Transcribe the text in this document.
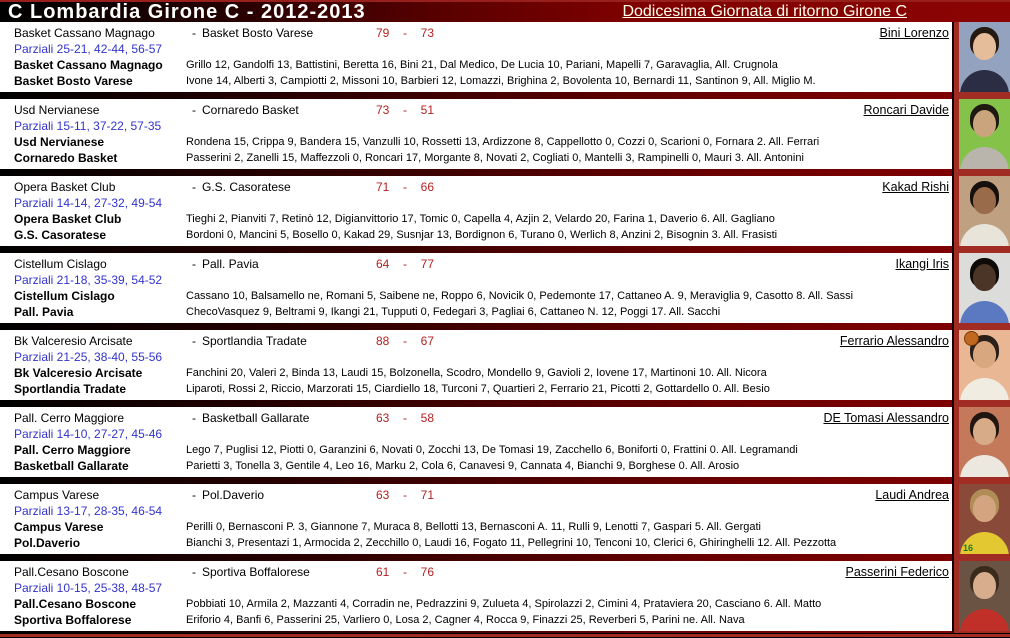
C Lombardia Girone C - 2012-2013	Dodicesima Giornata di ritorno Girone C
Basket Cassano Magnago	- Basket Bosto Varese	79 - 73	Bini Lorenzo
Parziali 25-21, 42-44, 56-57
Basket Cassano Magnago	Grillo 12, Gandolfi 13, Battistini, Beretta 16, Bini 21, Dal Medico, De Lucia 10, Pariani, Mapelli 7, Garavaglia, All. Crugnola
Basket Bosto Varese	Ivone 14, Alberti 3, Campiotti 2, Missoni 10, Barbieri 12, Lomazzi, Brighina 2, Bovolenta 10, Bernardi 11, Santinon 9, All. Miglio M.
Usd Nervianese	- Cornaredo Basket	73 - 51	Roncari Davide
Parziali 15-11, 37-22, 57-35
Usd Nervianese	Rondena 15, Crippa 9, Bandera 15, Vanzulli 10, Rossetti 13, Ardizzone 8, Cappellotto 0, Cozzi 0, Scarioni 0, Fornara 2. All. Ferrari
Cornaredo Basket	Passerini 2, Zanelli 15, Maffezzoli 0, Roncari 17, Morgante 8, Novati 2, Cogliati 0, Mantelli 3, Rampinelli 0, Mauri 3. All. Antonini
Opera Basket Club	- G.S. Casoratese	71 - 66	Kakad Rishi
Parziali 14-14, 27-32, 49-54
Opera Basket Club	Tieghi 2, Pianviti 7, Retinò 12, Digianvittorio 17, Tomic 0, Capella 4, Azjin 2, Velardo 20, Farina 1, Daverio 6. All. Gagliano
G.S. Casoratese	Bordoni 0, Mancini 5, Bosello 0, Kakad 29, Susnjar 13, Bordignon 6, Turano 0, Werlich 8, Anzini 2, Bisognin 3. All. Frasisti
Cistellum Cislago	- Pall. Pavia	64 - 77	Ikangi Iris
Parziali 21-18, 35-39, 54-52
Cistellum Cislago	Cassano 10, Balsamello ne, Romani 5, Saibene ne, Roppo 6, Novicik 0, Pedemonte 17, Cattaneo A. 9, Meraviglia 9, Casotto 8. All. Sassi
Pall. Pavia	ChecoVasquez 9, Beltrami 9, Ikangi 21, Tupputi 0, Fedegari 3, Pagliai 6, Cattaneo N. 12, Poggi 17. All. Sacchi
Bk Valceresio Arcisate	- Sportlandia Tradate	88 - 67	Ferrario Alessandro
Parziali 21-25, 38-40, 55-56
Bk Valceresio Arcisate	Fanchini 20, Valeri 2, Binda 13, Laudi 15, Bolzonella, Scodro, Mondello 9, Gavioli 2, Iovene 17, Martinoni 10. All. Nicora
Sportlandia Tradate	Liparoti, Rossi 2, Riccio, Marzorati 15, Ciardiello 18, Turconi 7, Quartieri 2, Ferrario 21, Picotti 2, Gottardello 0. All. Besio
Pall. Cerro Maggiore	- Basketball Gallarate	63 - 58	DE Tomasi Alessandro
Parziali 14-10, 27-27, 45-46
Pall. Cerro Maggiore	Lego 7, Puglisi 12, Piotti 0, Garanzini 6, Novati 0, Zocchi 13, De Tomasi 19, Zacchello 6, Boniforti 0, Frattini 0. All. Legramandi
Basketball Gallarate	Parietti 3, Tonella 3, Gentile 4, Leo 16, Marku 2, Cola 6, Canavesi 9, Cannata 4, Bianchi 9, Borghese 0. All. Arosio
Campus Varese	- Pol.Daverio	63 - 71	Laudi Andrea
Parziali 13-17, 28-35, 46-54
Campus Varese	Perilli 0, Bernasconi P. 3, Giannone 7, Muraca 8, Bellotti 13, Bernasconi A. 11, Rulli 9, Lenotti 7, Gaspari 5. All. Gergati
Pol.Daverio	Bianchi 3, Presentazi 1, Armocida 2, Zecchillo 0, Laudi 16, Fogato 11, Pellegrini 10, Tenconi 10, Clerici 6, Ghiringhelli 12. All. Pezzotta	16
Pall.Cesano Boscone	- Sportiva Boffalorese	61 - 76	Passerini Federico
Parziali 10-15, 25-38, 48-57
Pall.Cesano Boscone	Pobbiati 10, Armila 2, Mazzanti 4, Corradin ne, Pedrazzini 9, Zulueta 4, Spirolazzi 2, Cimini 4, Prataviera 20, Casciano 6. All. Matto
Sportiva Boffalorese	Eriforio 4, Banfi 6, Passerini 25, Varliero 0, Losa 2, Cagner 4, Rocca 9, Finazzi 25, Reverberi 5, Parini ne. All. Nava
